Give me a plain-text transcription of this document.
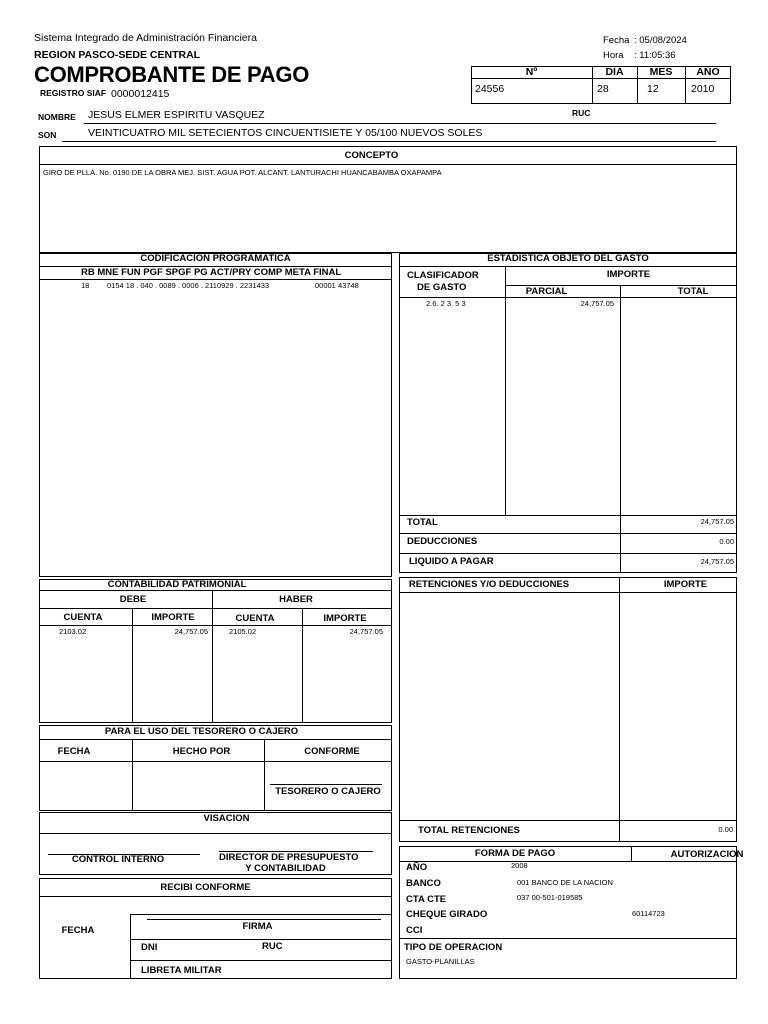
Sistema Integrado de Administración Financiera
REGION PASCO-SEDE CENTRAL
COMPROBANTE DE PAGO
REGISTRO SIAF 0000012415
Fecha : 05/08/2024
Hora : 11:05:36
Nº	DIA	MES	AÑO
24556	28	12	2010
NOMBRE JESUS ELMER ESPIRITU VASQUEZ	RUC
SON	VEINTICUATRO MIL SETECIENTOS CINCUENTISIETE Y 05/100 NUEVOS SOLES
CONCEPTO
GIRO DE PLLA. No. 0190 DE LA OBRA MEJ. SIST. AGUA POT. ALCANT. LANTURACHI HUANCABAMBA OXAPAMPA
CODIFICACION PROGRAMATICA
RB MNE FUN PGF SPGF PG ACT/PRY COMP META FINAL
18 0154 18 . 040 . 0089 . 0006 . 2110929 . 2231433	00001 43748
ESTADISTICA OBJETO DEL GASTO
CLASIFICADOR
DE GASTO
IMPORTE
PARCIAL	TOTAL
2.6. 2 3. 5 3	24,757.05
TOTAL	24,757.05
DEDUCCIONES	0.00
LIQUIDO A PAGAR	24,757.05
CONTABILIDAD PATRIMONIAL
DEBE	HABER
CUENTA	IMPORTE	CUENTA	IMPORTE
2103.02	24,757.05	2105.02	24,757.05
RETENCIONES Y/O DEDUCCIONES	IMPORTE
TOTAL RETENCIONES	0.00
PARA EL USO DEL TESORERO O CAJERO
FECHA	HECHO POR	CONFORME
TESORERO O CAJERO
VISACION
CONTROL INTERNO	DIRECTOR DE PRESUPUESTO
Y CONTABILIDAD
RECIBI CONFORME
FECHA	FIRMA
DNI	RUC
LIBRETA MILITAR
FORMA DE PAGO	AUTORIZACION
AÑO	2008
BANCO	001 BANCO DE LA NACION
CTA CTE	037 00-501-019585
CHEQUE GIRADO	60114723
CCI
TIPO DE OPERACION
GASTO-PLANILLAS
